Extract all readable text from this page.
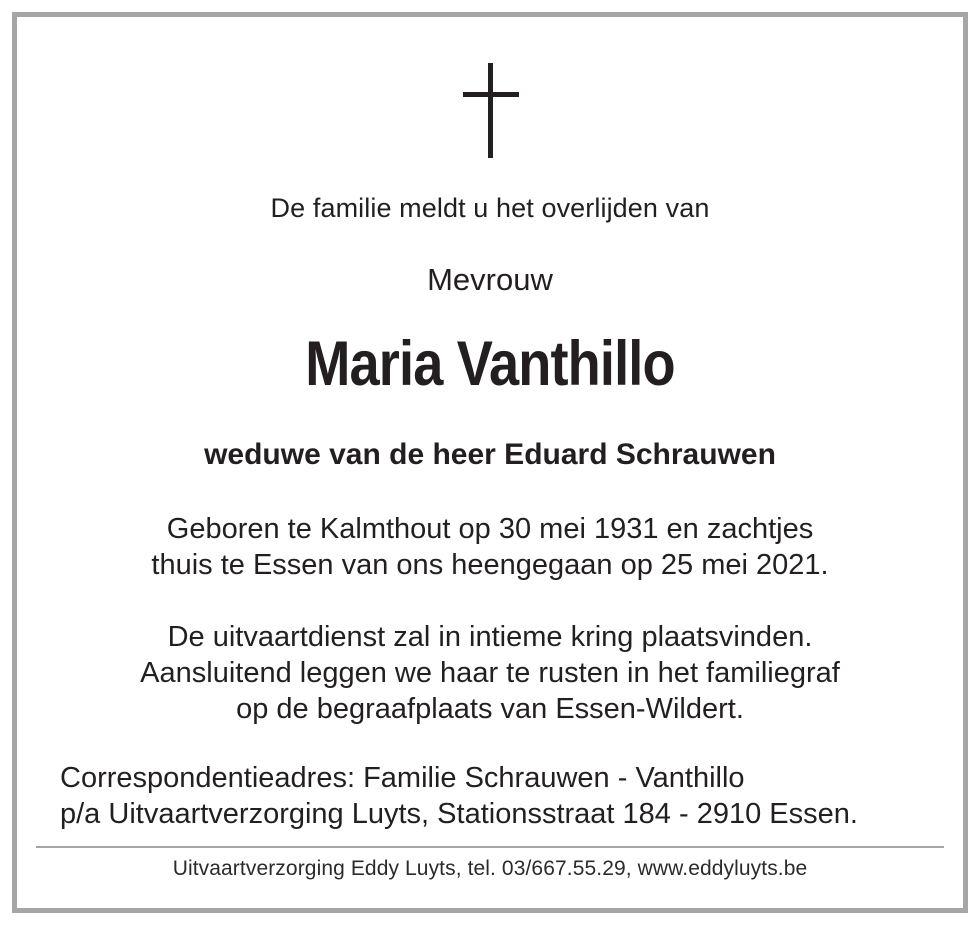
De familie meldt u het overlijden van

Mevrouw

Maria Vanthillo

weduwe van de heer Eduard Schrauwen

Geboren te Kalmthout op 30 mei 1931 en zachtjes
thuis te Essen van ons heengegaan op 25 mei 2021.
De uitvaartdienst zal in intieme kring plaatsvinden.
Aansluitend leggen we haar te rusten in het familiegraf
op de begraafplaats van Essen-Wildert.
Correspondentieadres: Familie Schrauwen - Vanthillo
p/a Uitvaartverzorging Luyts, Stationsstraat 184 - 2910 Essen.

Uitvaartverzorging Eddy Luyts, tel. 03/667.55.29, www.eddyluyts.be
